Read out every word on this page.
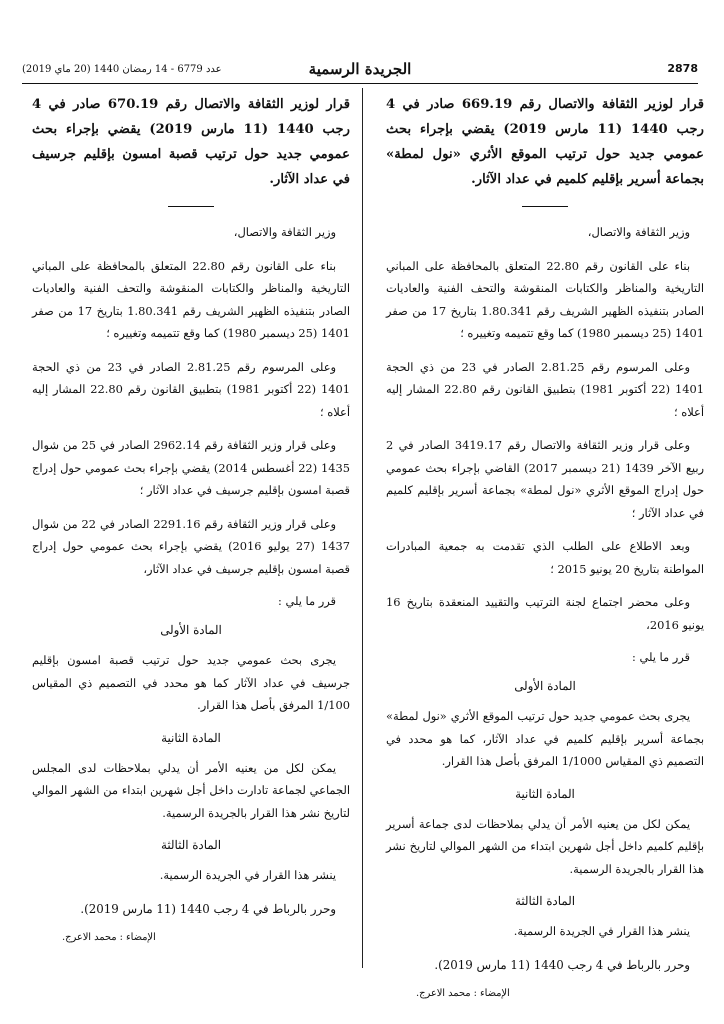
2878
الجريدة الرسمية
عدد 6779 - 14 رمضان 1440 (20 ماي 2019)
قرار لوزير الثقافة والاتصال رقم 669.19 صادر في 4 رجب 1440 (11 مارس 2019) يقضي بإجراء بحث عمومي جديد حول ترتيب الموقع الأثري «نول لمطة» بجماعة أسرير بإقليم كلميم في عداد الآثار.
وزير الثقافة والاتصال،
بناء على القانون رقم 22.80 المتعلق بالمحافظة على المباني التاريخية والمناظر والكتابات المنقوشة والتحف الفنية والعاديات الصادر بتنفيذه الظهير الشريف رقم 1.80.341 بتاريخ 17 من صفر 1401 (25 ديسمبر 1980) كما وقع تتميمه وتغييره ؛
وعلى المرسوم رقم 2.81.25 الصادر في 23 من ذي الحجة 1401 (22 أكتوبر 1981) بتطبيق القانون رقم 22.80 المشار إليه أعلاه ؛
وعلى قرار وزير الثقافة والاتصال رقم 3419.17 الصادر في 2 ربيع الآخر 1439 (21 ديسمبر 2017) القاضي بإجراء بحث عمومي حول إدراج الموقع الأثري «نول لمطة» بجماعة أسرير بإقليم كلميم في عداد الآثار ؛
وبعد الاطلاع على الطلب الذي تقدمت به جمعية المبادرات المواطنة بتاريخ 20 يونيو 2015 ؛
وعلى محضر اجتماع لجنة الترتيب والتقييد المنعقدة بتاريخ 16 يونيو 2016،
قرر ما يلي :
المادة الأولى
يجرى بحث عمومي جديد حول ترتيب الموقع الأثري «نول لمطة» بجماعة أسرير بإقليم كلميم في عداد الآثار، كما هو محدد في التصميم ذي المقياس 1/1000 المرفق بأصل هذا القرار.
المادة الثانية
يمكن لكل من يعنيه الأمر أن يدلي بملاحظات لدى جماعة أسرير بإقليم كلميم داخل أجل شهرين ابتداء من الشهر الموالي لتاريخ نشر هذا القرار بالجريدة الرسمية.
المادة الثالثة
ينشر هذا القرار في الجريدة الرسمية.
وحرر بالرباط في 4 رجب 1440 (11 مارس 2019).
الإمضاء : محمد الاعرج.
قرار لوزير الثقافة والاتصال رقم 670.19 صادر في 4 رجب 1440 (11 مارس 2019) يقضي بإجراء بحث عمومي جديد حول ترتيب قصبة امسون بإقليم جرسيف في عداد الآثار.
وزير الثقافة والاتصال،
بناء على القانون رقم 22.80 المتعلق بالمحافظة على المباني التاريخية والمناظر والكتابات المنقوشة والتحف الفنية والعاديات الصادر بتنفيذه الظهير الشريف رقم 1.80.341 بتاريخ 17 من صفر 1401 (25 ديسمبر 1980) كما وقع تتميمه وتغييره ؛
وعلى المرسوم رقم 2.81.25 الصادر في 23 من ذي الحجة 1401 (22 أكتوبر 1981) بتطبيق القانون رقم 22.80 المشار إليه أعلاه ؛
وعلى قرار وزير الثقافة رقم 2962.14 الصادر في 25 من شوال 1435 (22 أغسطس 2014) يقضي بإجراء بحث عمومي حول إدراج قصبة امسون بإقليم جرسيف في عداد الآثار ؛
وعلى قرار وزير الثقافة رقم 2291.16 الصادر في 22 من شوال 1437 (27 يوليو 2016) يقضي بإجراء بحث عمومي حول إدراج قصبة امسون بإقليم جرسيف في عداد الآثار،
قرر ما يلي :
المادة الأولى
يجرى بحث عمومي جديد حول ترتيب قصبة امسون بإقليم جرسيف في عداد الآثار كما هو محدد في التصميم ذي المقياس 1/100 المرفق بأصل هذا القرار.
المادة الثانية
يمكن لكل من يعنيه الأمر أن يدلي بملاحظات لدى المجلس الجماعي لجماعة تادارت داخل أجل شهرين ابتداء من الشهر الموالي لتاريخ نشر هذا القرار بالجريدة الرسمية.
المادة الثالثة
ينشر هذا القرار في الجريدة الرسمية.
وحرر بالرباط في 4 رجب 1440 (11 مارس 2019).
الإمضاء : محمد الاعرج.
